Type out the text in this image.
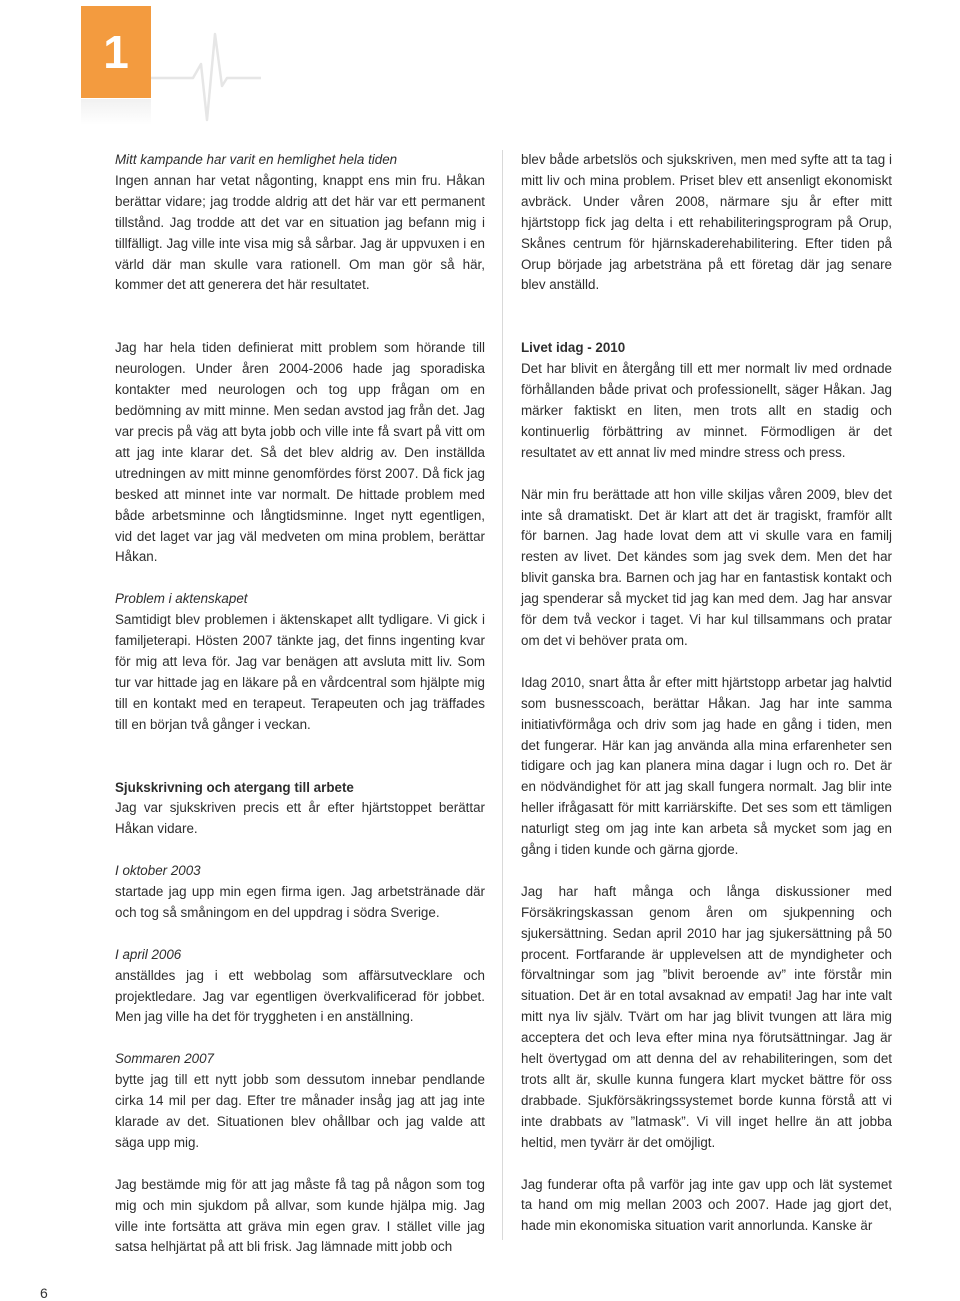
1

Mitt kampande har varit en hemlighet hela tiden

Ingen annan har vetat någonting, knappt ens min fru. Håkan berättar vidare; jag trodde aldrig att det här var ett permanent tillstånd. Jag trodde att det var en situation jag befann mig i tillfälligt. Jag ville inte visa mig så sårbar. Jag är uppvuxen i en värld där man skulle vara rationell. Om man gör så här, kommer det att generera det här resultatet.

Jag har hela tiden definierat mitt problem som hörande till neurologen. Under åren 2004-2006 hade jag sporadiska kontakter med neurologen och tog upp frågan om en bedömning av mitt minne. Men sedan avstod jag från det. Jag var precis på väg att byta jobb och ville inte få svart på vitt om att jag inte klarar det. Så det blev aldrig av. Den inställda utredningen av mitt minne genomfördes först 2007. Då fick jag besked att minnet inte var normalt. De hittade problem med både arbetsminne och långtidsminne. Inget nytt egentligen, vid det laget var jag väl medveten om mina problem, berättar Håkan.

Problem i aktenskapet

Samtidigt blev problemen i äktenskapet allt tydligare. Vi gick i familjeterapi. Hösten 2007 tänkte jag, det finns ingenting kvar för mig att leva för. Jag var benägen att avsluta mitt liv. Som tur var hittade jag en läkare på en vårdcentral som hjälpte mig till en kontakt med en terapeut. Terapeuten och jag träffades till en början två gånger i veckan.

Sjukskrivning och atergang till arbete

Jag var sjukskriven precis ett år efter hjärtstoppet berättar Håkan vidare.

I oktober 2003

startade jag upp min egen firma igen. Jag arbetstränade där och tog så småningom en del uppdrag i södra Sverige.

I april 2006

anställdes jag i ett webbolag som affärsutvecklare och projektledare. Jag var egentligen överkvalificerad för jobbet. Men jag ville ha det för tryggheten i en anställning.

Sommaren 2007

bytte jag till ett nytt jobb som dessutom innebar pendlande cirka 14 mil per dag. Efter tre månader insåg jag att jag inte klarade av det. Situationen blev ohållbar och jag valde att säga upp mig.

Jag bestämde mig för att jag måste få tag på någon som tog mig och min sjukdom på allvar, som kunde hjälpa mig. Jag ville inte fortsätta att gräva min egen grav. I stället ville jag satsa helhjärtat på att bli frisk. Jag lämnade mitt jobb och

blev både arbetslös och sjukskriven, men med syfte att ta tag i mitt liv och mina problem. Priset blev ett ansenligt ekonomiskt avbräck. Under våren 2008, närmare sju år efter mitt hjärtstopp fick jag delta i ett rehabiliteringsprogram på Orup, Skånes centrum för hjärnskaderehabilitering. Efter tiden på Orup började jag arbetsträna på ett företag där jag senare blev anställd.

Livet idag - 2010

Det har blivit en återgång till ett mer normalt liv med ordnade förhållanden både privat och professionellt, säger Håkan. Jag märker faktiskt en liten, men trots allt en stadig och kontinuerlig förbättring av minnet. Förmodligen är det resultatet av ett annat liv med mindre stress och press.

När min fru berättade att hon ville skiljas våren 2009, blev det inte så dramatiskt. Det är klart att det är tragiskt, framför allt för barnen. Jag hade lovat dem att vi skulle vara en familj resten av livet. Det kändes som jag svek dem. Men det har blivit ganska bra. Barnen och jag har en fantastisk kontakt och jag spenderar så mycket tid jag kan med dem. Jag har ansvar för dem två veckor i taget. Vi har kul tillsammans och pratar om det vi behöver prata om.

Idag 2010, snart åtta år efter mitt hjärtstopp arbetar jag halvtid som busnesscoach, berättar Håkan. Jag har inte samma initiativförmåga och driv som jag hade en gång i tiden, men det fungerar. Här kan jag använda alla mina erfarenheter sen tidigare och jag kan planera mina dagar i lugn och ro. Det är en nödvändighet för att jag skall fungera normalt. Jag blir inte heller ifrågasatt för mitt karriärskifte. Det ses som ett tämligen naturligt steg om jag inte kan arbeta så mycket som jag en gång i tiden kunde och gärna gjorde.

Jag har haft många och långa diskussioner med Försäkringskassan genom åren om sjukpenning och sjukersättning. Sedan april 2010 har jag sjukersättning på 50 procent. Fortfarande är upplevelsen att de myndigheter och förvaltningar som jag ”blivit beroende av” inte förstår min situation. Det är en total avsaknad av empati! Jag har inte valt mitt nya liv själv. Tvärt om har jag blivit tvungen att lära mig acceptera det och leva efter mina nya förutsättningar. Jag är helt övertygad om att denna del av rehabiliteringen, som det trots allt är, skulle kunna fungera klart mycket bättre för oss drabbade. Sjukförsäkringssystemet borde kunna förstå att vi inte drabbats av ”latmask”. Vi vill inget hellre än att jobba heltid, men tyvärr är det omöjligt.

Jag funderar ofta på varför jag inte gav upp och lät systemet ta hand om mig mellan 2003 och 2007. Hade jag gjort det, hade min ekonomiska situation varit annorlunda. Kanske är

6
